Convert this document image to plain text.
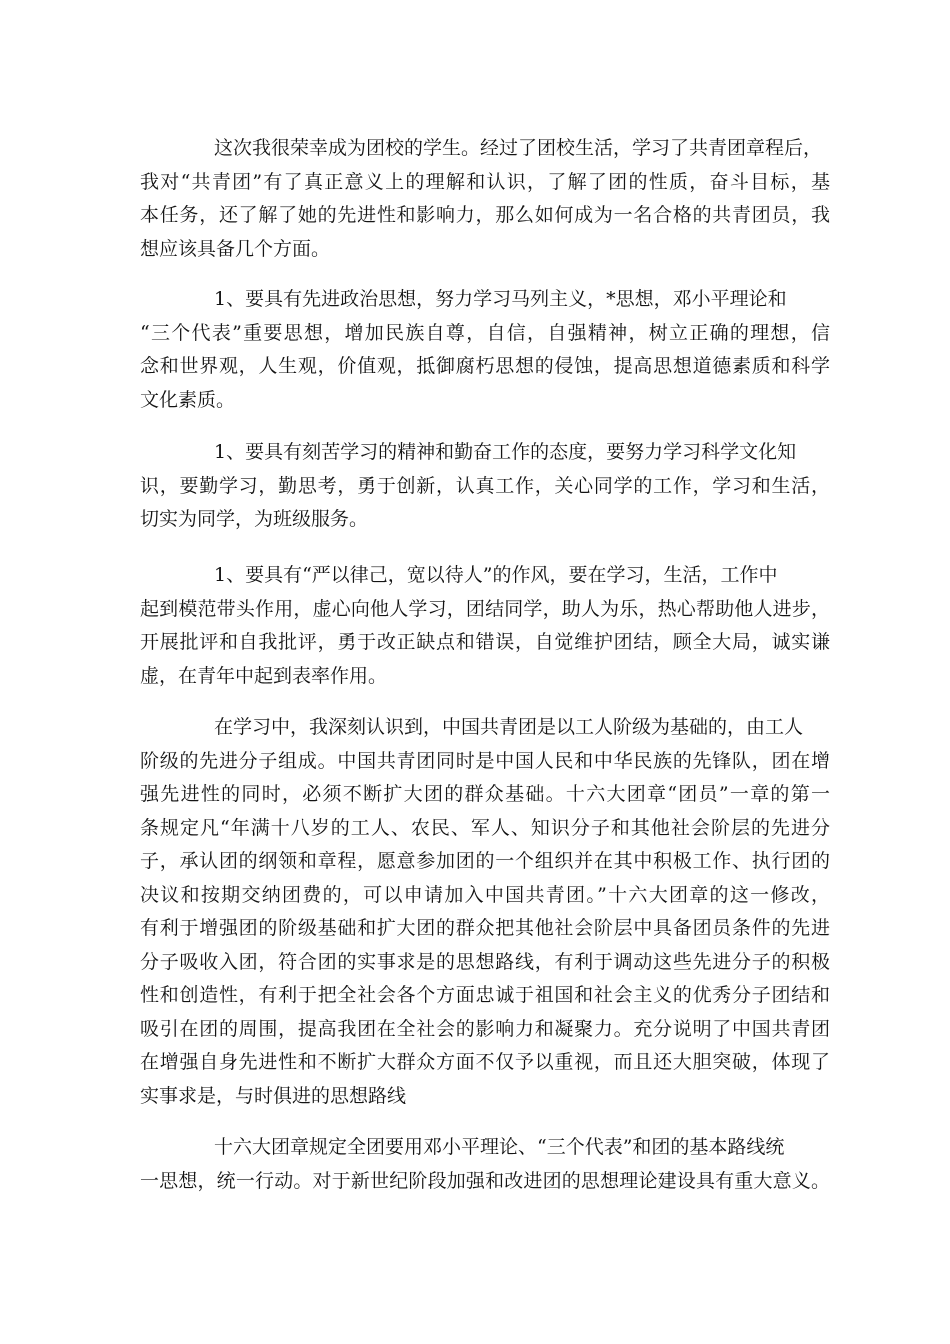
这次我很荣幸成为团校的学生。经过了团校生活，学习了共青团章程后，
我对“共青团”有了真正意义上的理解和认识，了解了团的性质，奋斗目标，基
本任务，还了解了她的先进性和影响力，那么如何成为一名合格的共青团员，我
想应该具备几个方面。
1、要具有先进政治思想，努力学习马列主义，*思想，邓小平理论和
“三个代表”重要思想，增加民族自尊，自信，自强精神，树立正确的理想，信
念和世界观，人生观，价值观，抵御腐朽思想的侵蚀，提高思想道德素质和科学
文化素质。
1、要具有刻苦学习的精神和勤奋工作的态度，要努力学习科学文化知
识，要勤学习，勤思考，勇于创新，认真工作，关心同学的工作，学习和生活，
切实为同学，为班级服务。
1、要具有“严以律己，宽以待人”的作风，要在学习，生活，工作中
起到模范带头作用，虚心向他人学习，团结同学，助人为乐，热心帮助他人进步，
开展批评和自我批评，勇于改正缺点和错误，自觉维护团结，顾全大局，诚实谦
虚，在青年中起到表率作用。
在学习中，我深刻认识到，中国共青团是以工人阶级为基础的，由工人
阶级的先进分子组成。中国共青团同时是中国人民和中华民族的先锋队，团在增
强先进性的同时，必须不断扩大团的群众基础。十六大团章“团员”一章的第一
条规定凡“年满十八岁的工人、农民、军人、知识分子和其他社会阶层的先进分
子，承认团的纲领和章程，愿意参加团的一个组织并在其中积极工作、执行团的
决议和按期交纳团费的，可以申请加入中国共青团。”十六大团章的这一修改，
有利于增强团的阶级基础和扩大团的群众把其他社会阶层中具备团员条件的先进
分子吸收入团，符合团的实事求是的思想路线，有利于调动这些先进分子的积极
性和创造性，有利于把全社会各个方面忠诚于祖国和社会主义的优秀分子团结和
吸引在团的周围，提高我团在全社会的影响力和凝聚力。充分说明了中国共青团
在增强自身先进性和不断扩大群众方面不仅予以重视，而且还大胆突破，体现了
实事求是，与时俱进的思想路线
十六大团章规定全团要用邓小平理论、“三个代表”和团的基本路线统
一思想，统一行动。对于新世纪阶段加强和改进团的思想理论建设具有重大意义。
